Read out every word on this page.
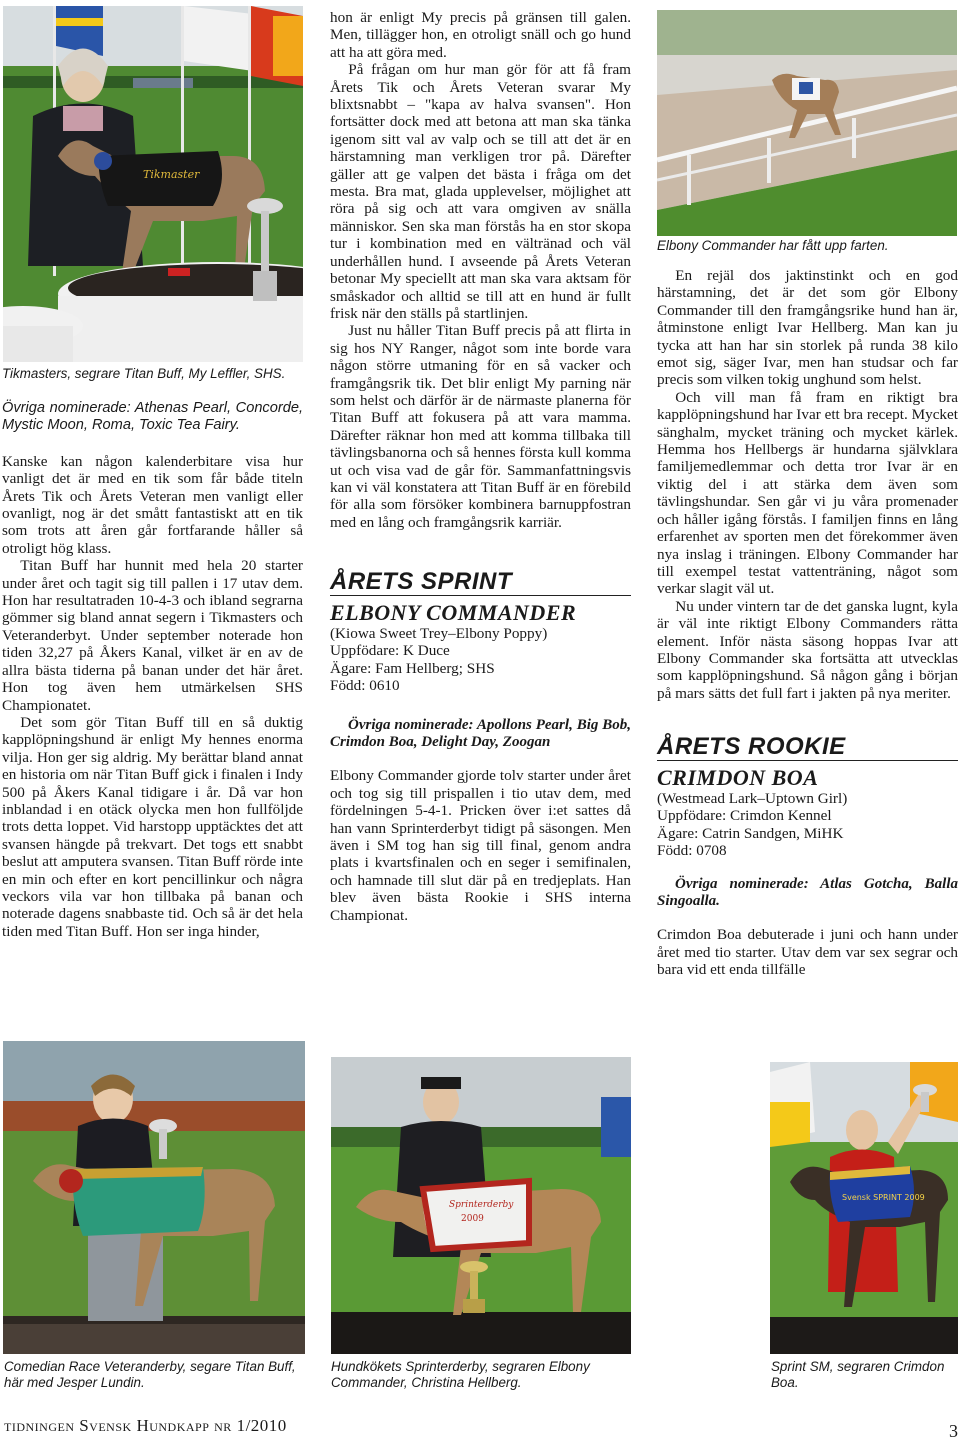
Tikmaster
Sprinterderby
2009
Svensk SPRINT 2009
Tikmasters, segrare Titan Buff, My Leffler, SHS.
Elbony Commander har fått upp farten.
Comedian Race Veteranderby, segare Titan Buff, här med Jesper Lundin.
Hundkökets Sprinterderby, segraren Elbony Commander, Christina Hellberg.
Sprint SM, segraren Crimdon Boa.

Övriga nominerade: Athenas Pearl, Concorde, Mystic Moon, Roma, Toxic Tea Fairy.

Kanske kan någon kalenderbitare visa hur vanligt det är med en tik som får både titeln Årets Tik och Årets Veteran men vanligt eller ovanligt, nog är det smått fantastiskt att en tik som trots att åren går fortfarande håller så otroligt hög klass.

Titan Buff har hunnit med hela 20 starter under året och tagit sig till pallen i 17 utav dem. Hon har resultatraden 10-4-3 och ibland segrarna gömmer sig bland annat segern i Tikmasters och Veteranderbyt. Under september noterade hon tiden 32,27 på Åkers Kanal, vilket är en av de allra bästa tiderna på banan under det här året. Hon tog även hem utmärkelsen SHS Championatet.

Det som gör Titan Buff till en så duktig kapplöpningshund är enligt My hennes enorma vilja. Hon ger sig aldrig. My berättar bland annat en historia om när Titan Buff gick i finalen i Indy 500 på Åkers Kanal tidigare i år. Då var hon inblandad i en otäck olycka men hon fullföljde trots detta loppet. Vid harstopp upptäcktes det att svansen hängde på trekvart. Det togs ett snabbt beslut att amputera svansen. Titan Buff rörde inte en min och efter en kort pencillinkur och några veckors vila var hon tillbaka på banan och noterade dagens snabbaste tid. Och så är det hela tiden med Titan Buff. Hon ser inga hinder,

hon är enligt My precis på gränsen till galen. Men, tillägger hon, en otroligt snäll och go hund att ha att göra med.

På frågan om hur man gör för att få fram Årets Tik och Årets Veteran svarar My blixtsnabbt – "kapa av halva svansen". Hon fortsätter dock med att betona att man ska tänka igenom sitt val av valp och se till att det är en härstamning man verkligen tror på. Därefter gäller att ge valpen det bästa i fråga om det mesta. Bra mat, glada upplevelser, möjlighet att röra på sig och att vara omgiven av snälla människor. Sen ska man förstås ha en stor skopa tur i kombination med en vältränad och väl underhållen hund. I avseende på Årets Veteran betonar My speciellt att man ska vara aktsam för småskador och alltid se till att en hund är fullt frisk när den ställs på startlinjen.

Just nu håller Titan Buff precis på att flirta in sig hos NY Ranger, något som inte borde vara någon större utmaning för en så vacker och framgångsrik tik. Det blir enligt My parning när som helst och därför är de närmaste planerna för Titan Buff att fokusera på att vara mamma. Därefter räknar hon med att komma tillbaka till tävlingsbanorna och så hennes första kull komma ut och visa vad de går för. Sammanfattningsvis kan vi väl konstatera att Titan Buff är en förebild för alla som försöker kombinera barnuppfostran med en lång och framgångsrik karriär.

ÅRETS SPRINT
ELBONY COMMANDER
(Kiowa Sweet Trey–Elbony Poppy)
Uppfödare: K Duce
Ägare: Fam Hellberg; SHS
Född: 0610

Övriga nominerade: Apollons Pearl, Big Bob, Crimdon Boa, Delight Day, Zoogan

Elbony Commander gjorde tolv starter under året och tog sig till prispallen i tio utav dem, med fördelningen 5-4-1. Pricken över i:et sattes då han vann Sprinterderbyt tidigt på säsongen. Men även i SM tog han sig till final, genom andra plats i kvartsfinalen och en seger i semifinalen, och hamnade till slut där på en tredjeplats. Han blev även bästa Rookie i SHS interna Championat.

En rejäl dos jaktinstinkt och en god härstamning, det är det som gör Elbony Commander till den framgångsrike hund han är, åtminstone enligt Ivar Hellberg. Man kan ju tycka att han har sin storlek på runda 38 kilo emot sig, säger Ivar, men han studsar och far precis som vilken tokig unghund som helst.

Och vill man få fram en riktigt bra kapplöpningshund har Ivar ett bra recept. Mycket sänghalm, mycket träning och mycket kärlek. Hemma hos Hellbergs är hundarna självklara familjemedlemmar och detta tror Ivar är en viktig del i att stärka dem även som tävlingshundar. Sen går vi ju våra promenader och håller igång förstås. I familjen finns en lång erfarenhet av sporten men det förekommer även nya inslag i träningen. Elbony Commander har till exempel testat vattenträning, något som verkar slagit väl ut.

Nu under vintern tar de det ganska lugnt, kyla är väl inte riktigt Elbony Commanders rätta element. Inför nästa säsong hoppas Ivar att Elbony Commander ska fortsätta att utvecklas som kapplöpningshund. Så någon gång i början på mars sätts det full fart i jakten på nya meriter.

ÅRETS ROOKIE
CRIMDON BOA
(Westmead Lark–Uptown Girl)
Uppfödare: Crimdon Kennel
Ägare: Catrin Sandgen, MiHK
Född: 0708

Övriga nominerade: Atlas Gotcha, Balla Singoalla.

Crimdon Boa debuterade i juni och hann under året med tio starter. Utav dem var sex segrar och bara vid ett enda tillfälle

tidningen Svensk Hundkapp nr 1/2010	3
